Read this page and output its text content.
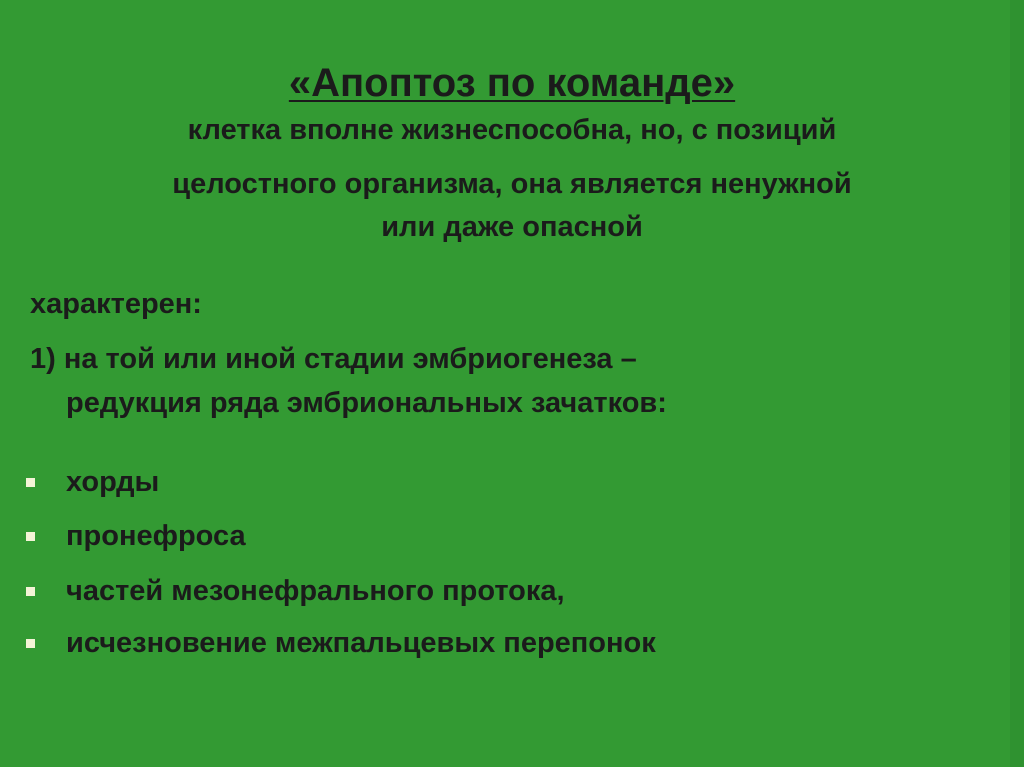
«Апоптоз по команде»
клетка вполне жизнеспособна, но, с позиций
целостного организма, она является ненужной
или даже опасной
характерен:
1) на той или иной стадии эмбриогенеза –
редукция ряда эмбриональных зачатков:
хорды
пронефроса
частей мезонефрального протока,
исчезновение межпальцевых перепонок
